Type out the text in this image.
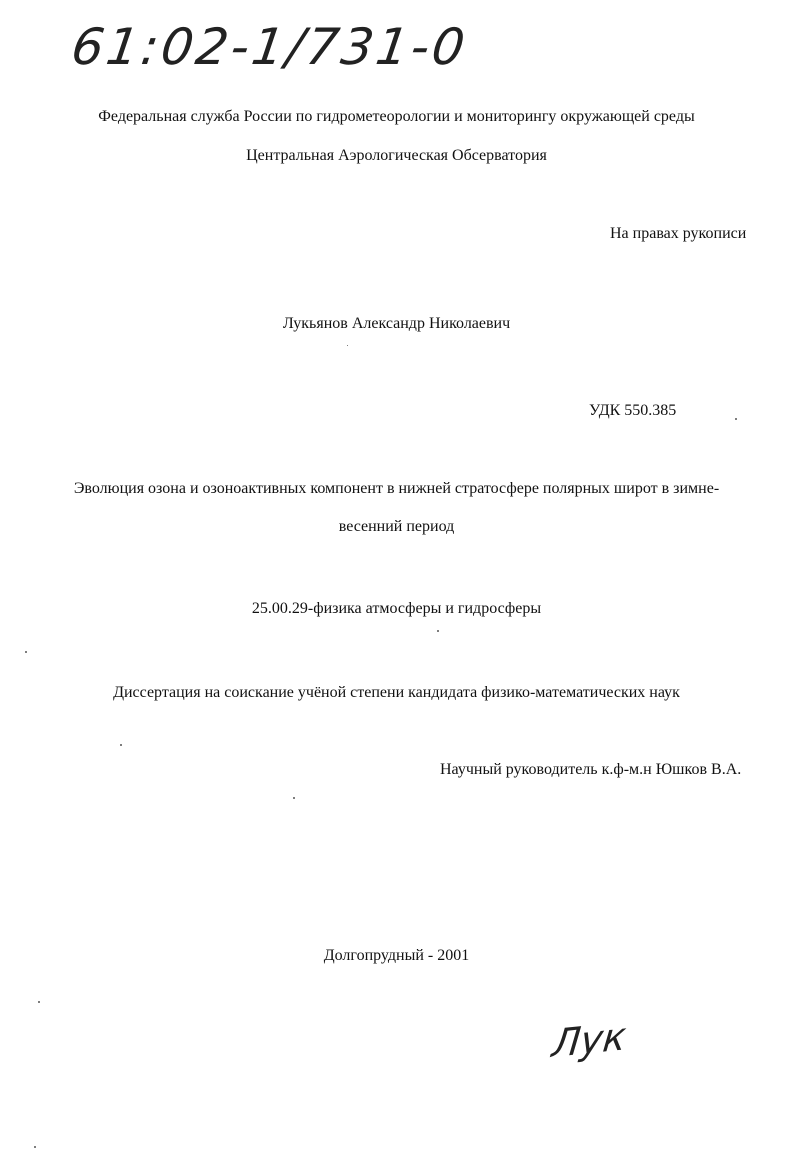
61:02-1/731-0
Федеральная служба России по гидрометеорологии и мониторингу окружающей среды
Центральная Аэрологическая Обсерватория
На правах рукописи
Лукьянов Александр Николаевич
УДК 550.385
Эволюция озона и озоноактивных компонент в нижней стратосфере полярных широт в зимне-
весенний период
25.00.29-физика атмосферы и гидросферы
Диссертация на соискание учёной степени кандидата физико-математических наук
Научный руководитель к.ф-м.н Юшков В.А.
Долгопрудный - 2001
Лук
